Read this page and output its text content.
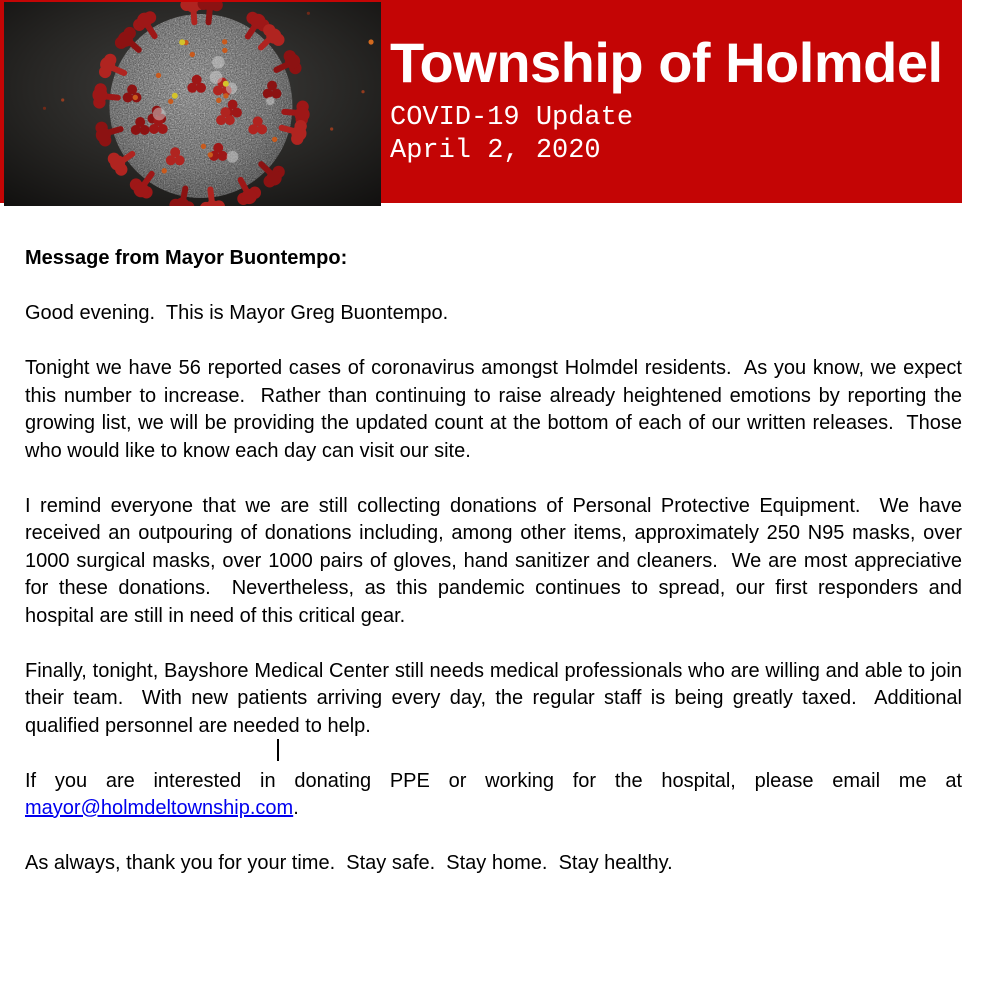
Township of Holmdel
COVID-19 Update
April 2, 2020

Message from Mayor Buontempo:

Good evening.  This is Mayor Greg Buontempo.

Tonight we have 56 reported cases of coronavirus amongst Holmdel residents.  As you know, we expect this number to increase.  Rather than continuing to raise already heightened emotions by reporting the growing list, we will be providing the updated count at the bottom of each of our written releases.  Those who would like to know each day can visit our site.

I remind everyone that we are still collecting donations of Personal Protective Equipment.  We have received an outpouring of donations including, among other items, approximately 250 N95 masks, over 1000 surgical masks, over 1000 pairs of gloves, hand sanitizer and cleaners.  We are most appreciative for these donations.  Nevertheless, as this pandemic continues to spread, our first responders and hospital are still in need of this critical gear.

Finally, tonight, Bayshore Medical Center still needs medical professionals who are willing and able to join their team.  With new patients arriving every day, the regular staff is being greatly taxed.  Additional qualified personnel are needed to help.

If you are interested in donating PPE or working for the hospital, please email me at mayor@holmdeltownship.com.

As always, thank you for your time.  Stay safe.  Stay home.  Stay healthy.
